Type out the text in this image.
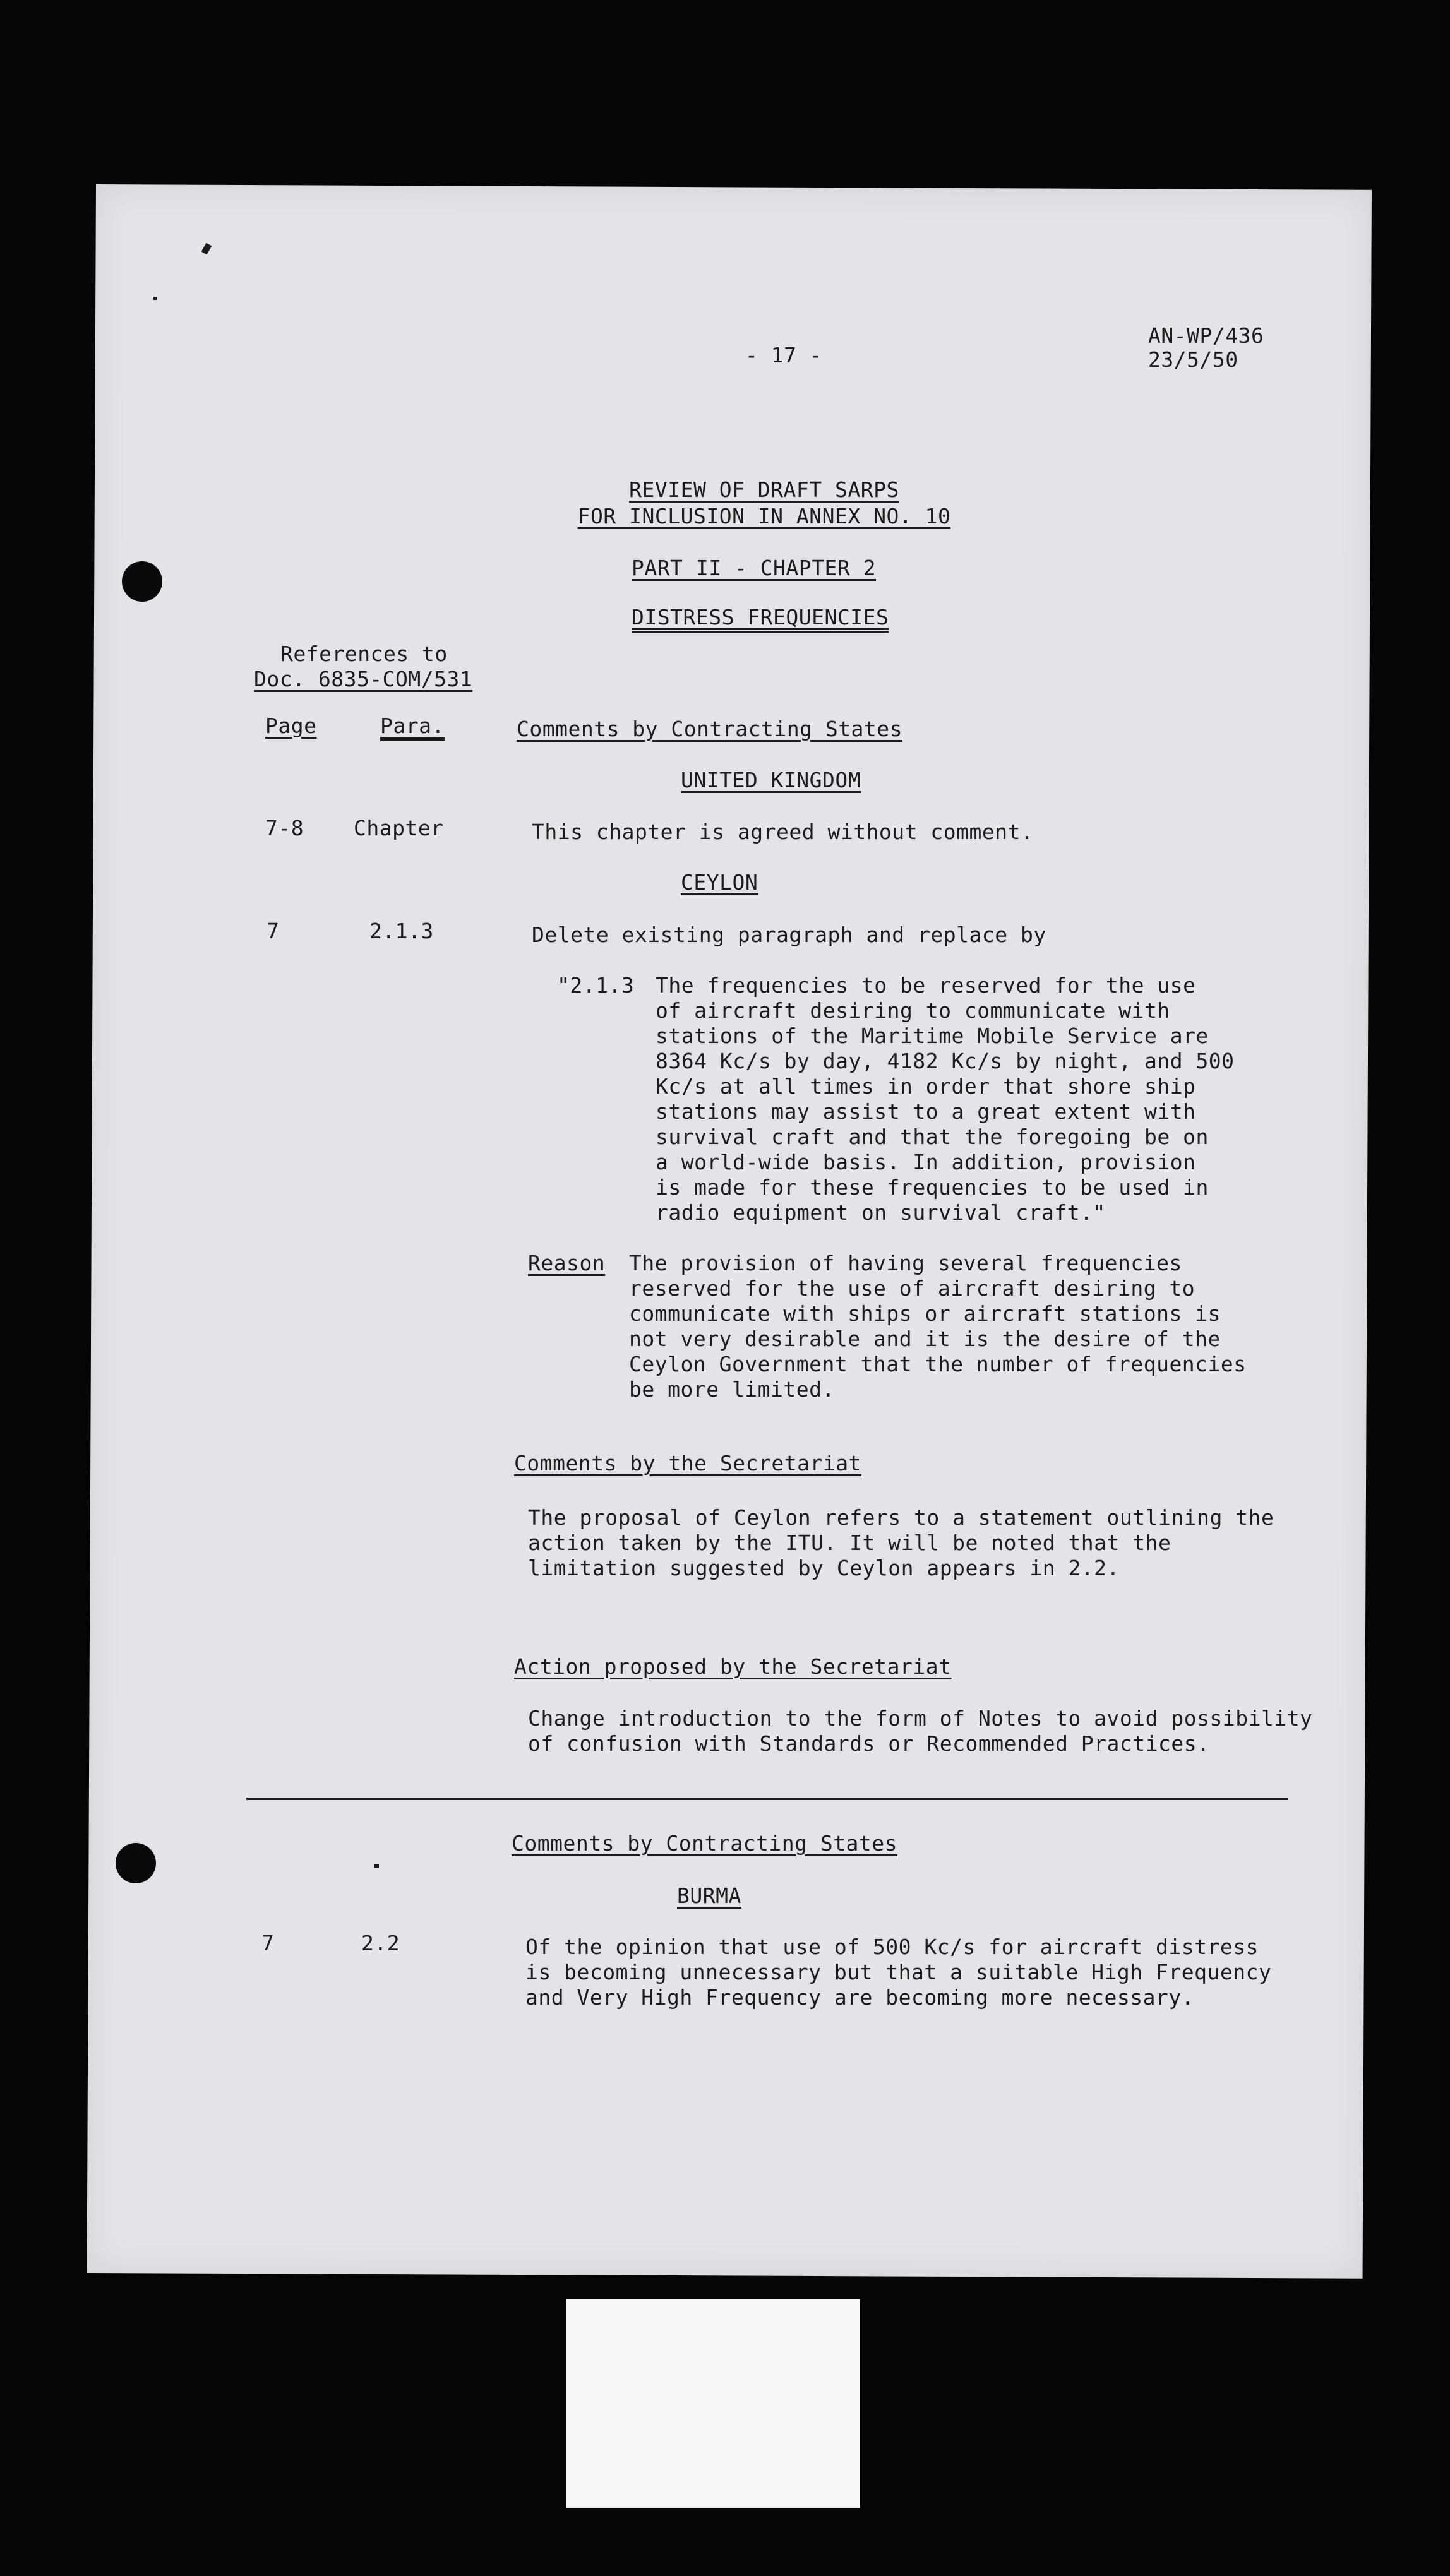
- 17 -
AN-WP/436
23/5/50
REVIEW OF DRAFT SARPS
FOR INCLUSION IN ANNEX NO. 10
PART II - CHAPTER 2
DISTRESS FREQUENCIES
References to
Doc. 6835-COM/531
Page	Para.	Comments by Contracting States
UNITED KINGDOM
7-8 Chapter	This chapter is agreed without comment.
CEYLON
7	2.1.3	Delete existing paragraph and replace by
"2.1.3 The frequencies to be reserved for the use
of aircraft desiring to communicate with
stations of the Maritime Mobile Service are
8364 Kc/s by day, 4182 Kc/s by night, and 500
Kc/s at all times in order that shore ship
stations may assist to a great extent with
survival craft and that the foregoing be on
a world-wide basis. In addition, provision
is made for these frequencies to be used in
radio equipment on survival craft."
Reason The provision of having several frequencies
reserved for the use of aircraft desiring to
communicate with ships or aircraft stations is
not very desirable and it is the desire of the
Ceylon Government that the number of frequencies
be more limited.
Comments by the Secretariat
The proposal of Ceylon refers to a statement outlining the
action taken by the ITU. It will be noted that the
limitation suggested by Ceylon appears in 2.2.
Action proposed by the Secretariat
Change introduction to the form of Notes to avoid possibility
of confusion with Standards or Recommended Practices.
Comments by Contracting States
BURMA
7	2.2	Of the opinion that use of 500 Kc/s for aircraft distress
is becoming unnecessary but that a suitable High Frequency
and Very High Frequency are becoming more necessary.
